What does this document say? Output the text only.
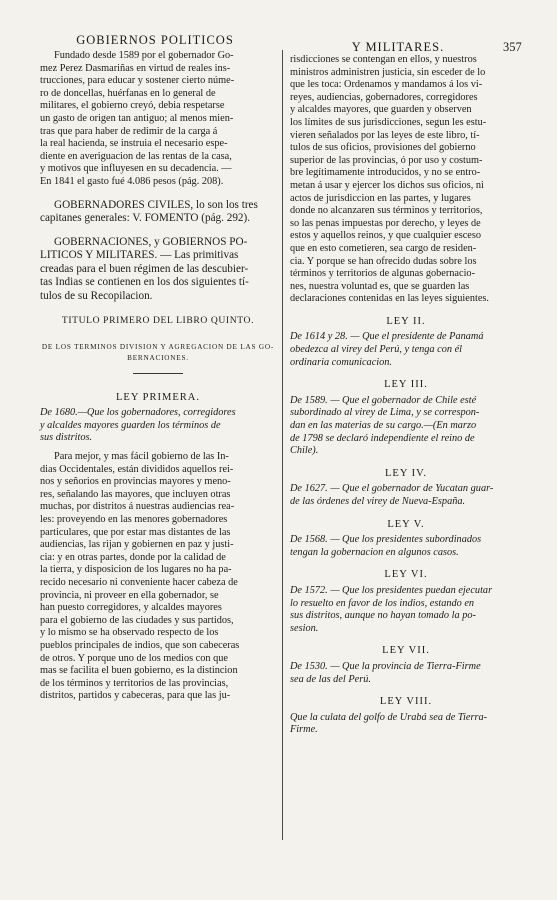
GOBIERNOS POLITICOS	Y MILITARES.	357

Fundado desde 1589 por el gobernador Go-

mez Perez Dasmariñas en virtud de reales ins-

trucciones, para educar y sostener cierto núme-

ro de doncellas, huérfanas en lo general de

militares, el gobierno creyó, debia respetarse

un gasto de origen tan antiguo; al menos mien-

tras que para haber de redimir de la carga á

la real hacienda, se instruia el necesario espe-

diente en averiguacion de las rentas de la casa,

y motivos que influyesen en su decadencia. —

En 1841 el gasto fué 4.086 pesos (pág. 208).

GOBERNADORES CIVILES, lo son los tres

capitanes generales: V. FOMENTO (pág. 292).

GOBERNACIONES, y GOBIERNOS PO-

LITICOS Y MILITARES. — Las primitivas

creadas para el buen régimen de las descubier-

tas Indias se contienen en los dos siguientes tí-

tulos de su Recopilacion.

TITULO PRIMERO DEL LIBRO QUINTO.
DE LOS TERMINOS DIVISION Y AGREGACION DE LAS GO-
BERNACIONES.
LEY PRIMERA.

De 1680.—Que los gobernadores, corregidores

y alcaldes mayores guarden los términos de

sus distritos.

Para mejor, y mas fácil gobierno de las In-

dias Occidentales, están divididos aquellos rei-

nos y señorios en provincias mayores y meno-

res, señalando las mayores, que incluyen otras

muchas, por distritos á nuestras audiencias rea-

les: proveyendo en las menores gobernadores

particulares, que por estar mas distantes de las

audiencias, las rijan y gobiernen en paz y justi-

cia: y en otras partes, donde por la calidad de

la tierra, y disposicion de los lugares no ha pa-

recido necesario ni conveniente hacer cabeza de

provincia, ni proveer en ella gobernador, se

han puesto corregidores, y alcaldes mayores

para el gobierno de las ciudades y sus partidos,

y lo mismo se ha observado respecto de los

pueblos principales de indios, que son cabeceras

de otros. Y porque uno de los medios con que

mas se facilita el buen gobierno, es la distincion

de los términos y territorios de las provincias,

distritos, partidos y cabeceras, para que las ju-

risdicciones se contengan en ellos, y nuestros

ministros administren justicia, sin esceder de lo

que les toca: Ordenamos y mandamos á los vi-

reyes, audiencias, gobernadores, corregidores

y alcaldes mayores, que guarden y observen

los límites de sus jurisdicciones, segun les estu-

vieren señalados por las leyes de este libro, tí-

tulos de sus oficios, provisiones del gobierno

superior de las provincias, ó por uso y costum-

bre legítimamente introducidos, y no se entro-

metan á usar y ejercer los dichos sus oficios, ni

actos de jurisdiccion en las partes, y lugares

donde no alcanzaren sus términos y territorios,

so las penas impuestas por derecho, y leyes de

estos y aquellos reinos, y que cualquier esceso

que en esto cometieren, sea cargo de residen-

cia. Y porque se han ofrecido dudas sobre los

términos y territorios de algunas gobernacio-

nes, nuestra voluntad es, que se guarden las

declaraciones contenidas en las leyes siguientes.

LEY II.

De 1614 y 28. — Que el presidente de Panamá

obedezca al virey del Perú, y tenga con él

ordinaria comunicacion.

LEY III.

De 1589. — Que el gobernador de Chile esté

subordinado al virey de Lima, y se correspon-

dan en las materias de su cargo.—(En marzo

de 1798 se declaró independiente el reino de

Chile).

LEY IV.

De 1627. — Que el gobernador de Yucatan guar-

de las órdenes del virey de Nueva-España.

LEY V.

De 1568. — Que los presidentes subordinados

tengan la gobernacion en algunos casos.

LEY VI.

De 1572. — Que los presidentes puedan ejecutar

lo resuelto en favor de los indios, estando en

sus distritos, aunque no hayan tomado la po-

sesion.

LEY VII.

De 1530. — Que la provincia de Tierra-Firme

sea de las del Perú.

LEY VIII.

Que la culata del golfo de Urabá sea de Tierra-

Firme.
